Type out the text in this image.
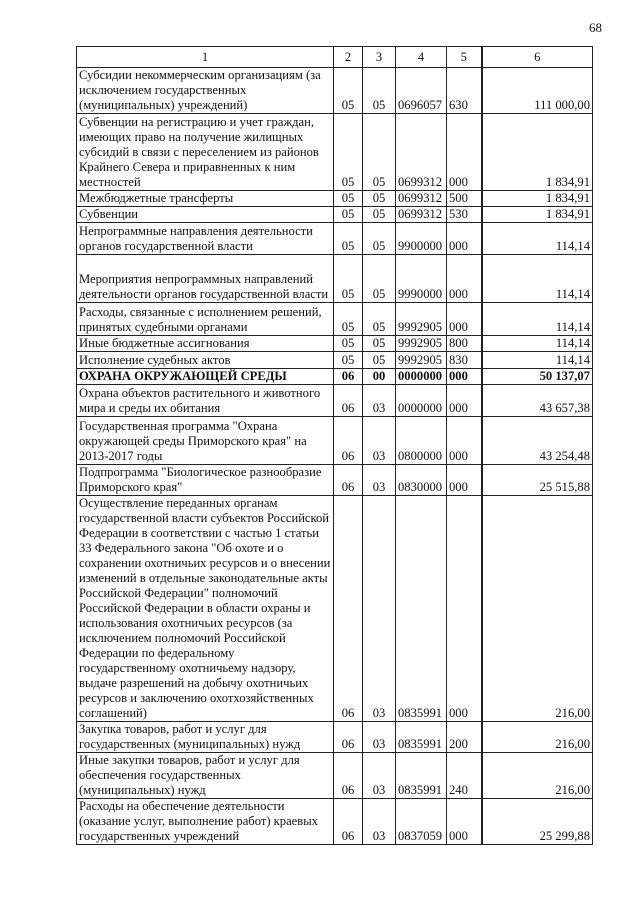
68
1	2	3	4	5	6
Субсидии некоммерческим организациям (за исключением государственных (муниципальных) учреждений)	05	05	0696057	630	111 000,00
Субвенции на регистрацию и учет граждан, имеющих право на получение жилищных субсидий в связи с переселением из районов Крайнего Севера и приравненных к ним местностей	05	05	0699312	000	1 834,91
Межбюджетные трансферты	05	05	0699312	500	1 834,91
Субвенции	05	05	0699312	530	1 834,91
Непрограммные направления деятельности органов государственной власти	05	05	9900000	000	114,14
Мероприятия непрограммных направлений деятельности органов государственной власти	05	05	9990000	000	114,14
Расходы, связанные с исполнением решений, принятых судебными органами	05	05	9992905	000	114,14
Иные бюджетные ассигнования	05	05	9992905	800	114,14
Исполнение судебных актов	05	05	9992905	830	114,14
ОХРАНА ОКРУЖАЮЩЕЙ СРЕДЫ	06	00	0000000	000	50 137,07
Охрана объектов растительного и животного мира и среды их обитания	06	03	0000000	000	43 657,38
Государственная программа "Охрана окружающей среды Приморского края" на 2013-2017 годы	06	03	0800000	000	43 254,48
Подпрограмма "Биологическое разнообразие Приморского края"	06	03	0830000	000	25 515,88
Осуществление переданных органам государственной власти субъектов Российской Федерации в соответствии с частью 1 статьи 33 Федерального закона "Об охоте и о сохранении охотничьих ресурсов и о внесении изменений в отдельные законодательные акты Российской Федерации" полномочий Российской Федерации в области охраны и использования охотничьих ресурсов (за исключением полномочий Российской Федерации по федеральному государственному охотничьему надзору, выдаче разрешений на добычу охотничьих ресурсов и заключению охотхозяйственных соглашений)	06	03	0835991	000	216,00
Закупка товаров, работ и услуг для государственных (муниципальных) нужд	06	03	0835991	200	216,00
Иные закупки товаров, работ и услуг для обеспечения государственных (муниципальных) нужд	06	03	0835991	240	216,00
Расходы на обеспечение деятельности (оказание услуг, выполнение работ) краевых государственных учреждений	06	03	0837059	000	25 299,88
